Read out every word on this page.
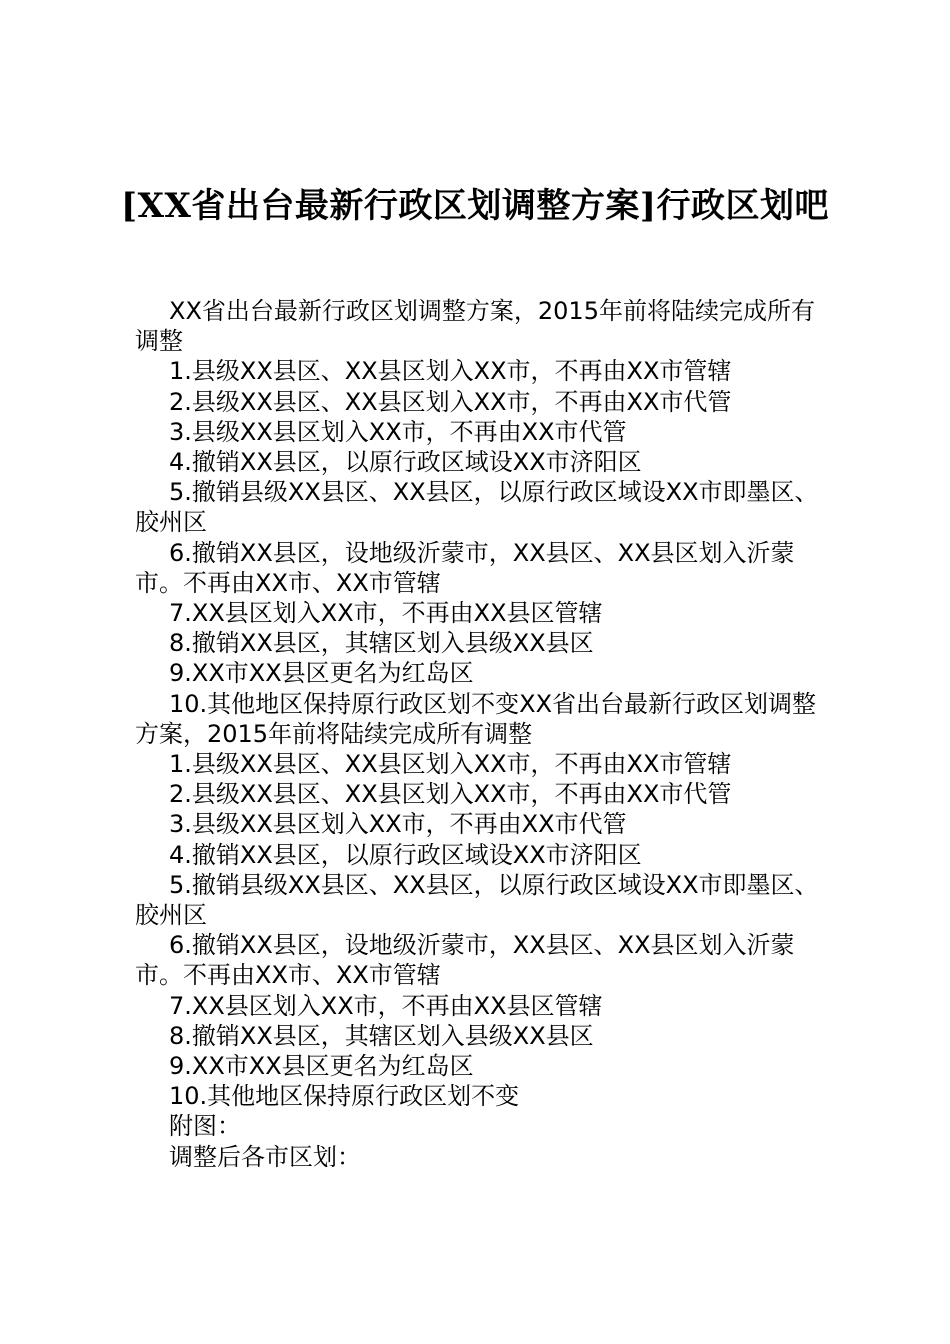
[XX省出台最新行政区划调整方案]行政区划吧

XX省出台最新行政区划调整方案，2015年前将陆续完成所有调整

1.县级XX县区、XX县区划入XX市，不再由XX市管辖

2.县级XX县区、XX县区划入XX市，不再由XX市代管

3.县级XX县区划入XX市，不再由XX市代管

4.撤销XX县区，以原行政区域设XX市济阳区

5.撤销县级XX县区、XX县区，以原行政区域设XX市即墨区、胶州区

6.撤销XX县区，设地级沂蒙市，XX县区、XX县区划入沂蒙市。不再由XX市、XX市管辖

7.XX县区划入XX市，不再由XX县区管辖

8.撤销XX县区，其辖区划入县级XX县区

9.XX市XX县区更名为红岛区

10.其他地区保持原行政区划不变XX省出台最新行政区划调整方案，2015年前将陆续完成所有调整

1.县级XX县区、XX县区划入XX市，不再由XX市管辖

2.县级XX县区、XX县区划入XX市，不再由XX市代管

3.县级XX县区划入XX市，不再由XX市代管

4.撤销XX县区，以原行政区域设XX市济阳区

5.撤销县级XX县区、XX县区，以原行政区域设XX市即墨区、胶州区

6.撤销XX县区，设地级沂蒙市，XX县区、XX县区划入沂蒙市。不再由XX市、XX市管辖

7.XX县区划入XX市，不再由XX县区管辖

8.撤销XX县区，其辖区划入县级XX县区

9.XX市XX县区更名为红岛区

10.其他地区保持原行政区划不变

附图：

调整后各市区划：
